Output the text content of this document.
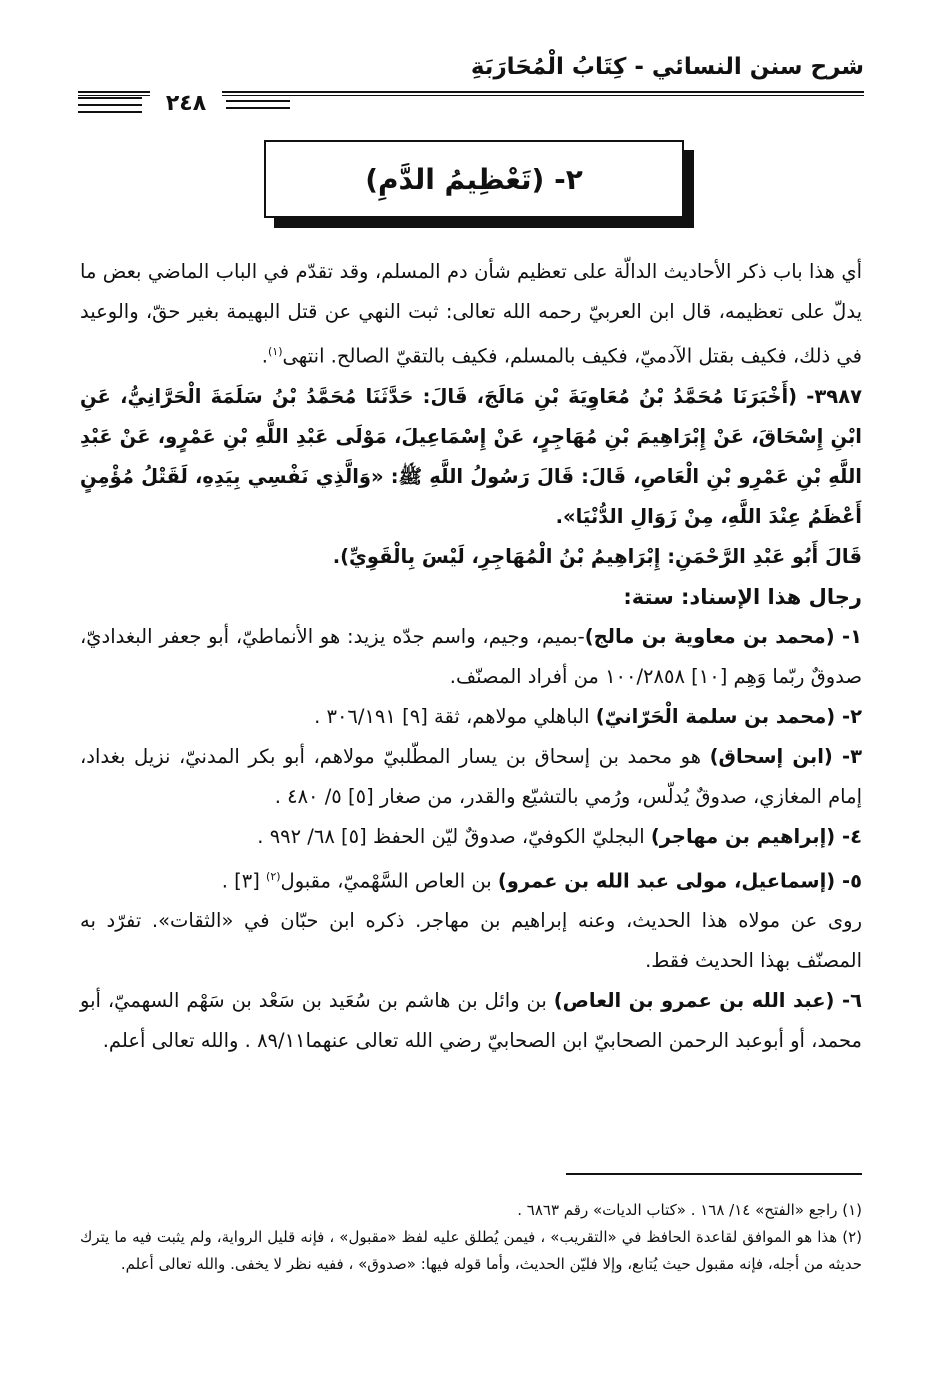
شرح سنن النسائي - كِتَابُ الْمُحَارَبَةِ
٢٤٨
٢- (تَعْظِيمُ الدَّمِ)

أي هذا باب ذكر الأحاديث الدالّة على تعظيم شأن دم المسلم، وقد تقدّم في الباب الماضي بعض ما يدلّ على تعظيمه، قال ابن العربيّ رحمه الله تعالى: ثبت النهي عن قتل البهيمة بغير حقّ، والوعيد في ذلك، فكيف بقتل الآدميّ، فكيف بالمسلم، فكيف بالتقيّ الصالح. انتهى$^{(١)}$.

٣٩٨٧- (أَخْبَرَنَا مُحَمَّدُ بْنُ مُعَاوِيَةَ بْنِ مَالَجَ، قَالَ: حَدَّثَنَا مُحَمَّدُ بْنُ سَلَمَةَ الْحَرَّانِيُّ، عَنِ ابْنِ إِسْحَاقَ، عَنْ إِبْرَاهِيمَ بْنِ مُهَاجِرٍ، عَنْ إِسْمَاعِيلَ، مَوْلَى عَبْدِ اللَّهِ بْنِ عَمْرٍو، عَنْ عَبْدِ اللَّهِ بْنِ عَمْرِو بْنِ الْعَاصِ، قَالَ: قَالَ رَسُولُ اللَّهِ ﷺ: «وَالَّذِي نَفْسِي بِيَدِهِ، لَقَتْلُ مُؤْمِنٍ أَعْظَمُ عِنْدَ اللَّهِ، مِنْ زَوَالِ الدُّنْيَا».

قَالَ أَبُو عَبْدِ الرَّحْمَنِ: إِبْرَاهِيمُ بْنُ الْمُهَاجِرِ، لَيْسَ بِالْقَوِيِّ).

رجال هذا الإسناد: ستة:

١- (محمد بن معاوية بن مالج)-بميم، وجيم، واسم جدّه يزيد: هو الأنماطيّ، أبو جعفر البغداديّ، صدوقٌ ربّما وَهِم [١٠] ١٠٠/٢٨٥٨ من أفراد المصنّف.

٢- (محمد بن سلمة الْحَرّانيّ) الباهلي مولاهم، ثقة [٩] ٣٠٦/١٩١ .

٣- (ابن إسحاق) هو محمد بن إسحاق بن يسار المطّلبيّ مولاهم، أبو بكر المدنيّ، نزيل بغداد، إمام المغازي، صدوقٌ يُدلّس، ورُمي بالتشيّع والقدر، من صغار [٥] ٥/ ٤٨٠ .

٤- (إبراهيم بن مهاجر) البجليّ الكوفيّ، صدوقٌ ليّن الحفظ [٥] ٦٨/ ٩٩٢ .

٥- (إسماعيل، مولى عبد الله بن عمرو) بن العاص السَّهْميّ، مقبول$^{(٢)}$ [٣] .

روى عن مولاه هذا الحديث، وعنه إبراهيم بن مهاجر. ذكره ابن حبّان في «الثقات». تفرّد به المصنّف بهذا الحديث فقط.

٦- (عبد الله بن عمرو بن العاص) بن وائل بن هاشم بن سُعَيد بن سَعْد بن سَهْم السهميّ، أبو محمد، أو أبوعبد الرحمن الصحابيّ ابن الصحابيّ رضي الله تعالى عنهما٨٩/١١ . والله تعالى أعلم.

(١) راجع «الفتح» ١٤/ ١٦٨ . «كتاب الديات» رقم ٦٨٦٣ .

(٢) هذا هو الموافق لقاعدة الحافظ في «التقريب» ، فيمن يُطلق عليه لفظ «مقبول» ، فإنه قليل الرواية، ولم يثبت فيه ما يترك حديثه من أجله، فإنه مقبول حيث يُتابع، وإلا فليّن الحديث، وأما قوله فيها: «صدوق» ، ففيه نظر لا يخفى. والله تعالى أعلم.
